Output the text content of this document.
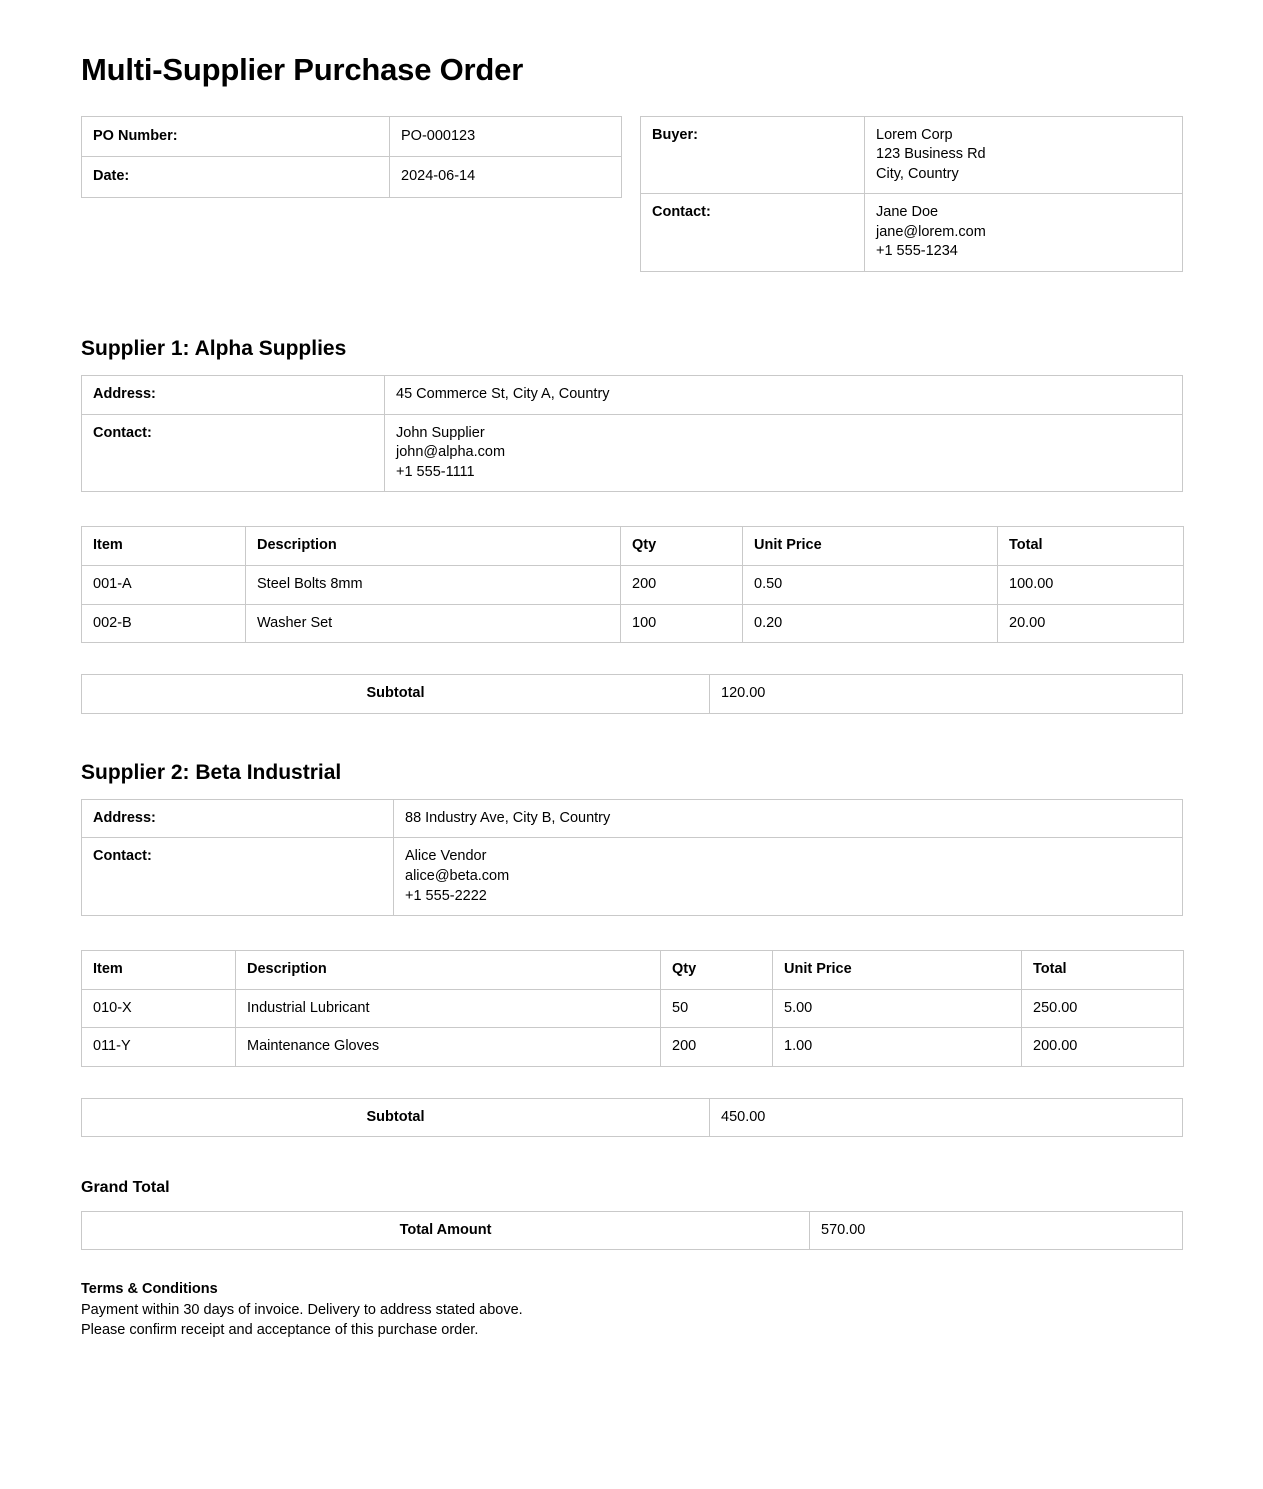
Multi-Supplier Purchase Order
PO Number:	PO-000123
Date:	2024-06-14
Buyer:	Lorem Corp
123 Business Rd
City, Country

Contact:	Jane Doe
jane@lorem.com
+1 555-1234
Supplier 1: Alpha Supplies
Address:	45 Commerce St, City A, Country
Contact:	John Supplier
john@alpha.com
+1 555-1111
Item	Description	Qty	Unit Price	Total
001-A	Steel Bolts 8mm	200	0.50	100.00
002-B	Washer Set	100	0.20	20.00
Subtotal	120.00
Supplier 2: Beta Industrial
Address:	88 Industry Ave, City B, Country
Contact:	Alice Vendor
alice@beta.com
+1 555-2222
Item	Description	Qty	Unit Price	Total
010-X	Industrial Lubricant	50	5.00	250.00
011-Y	Maintenance Gloves	200	1.00	200.00
Subtotal	450.00
Grand Total
Total Amount	570.00
Terms & Conditions
Payment within 30 days of invoice. Delivery to address stated above.
Please confirm receipt and acceptance of this purchase order.
